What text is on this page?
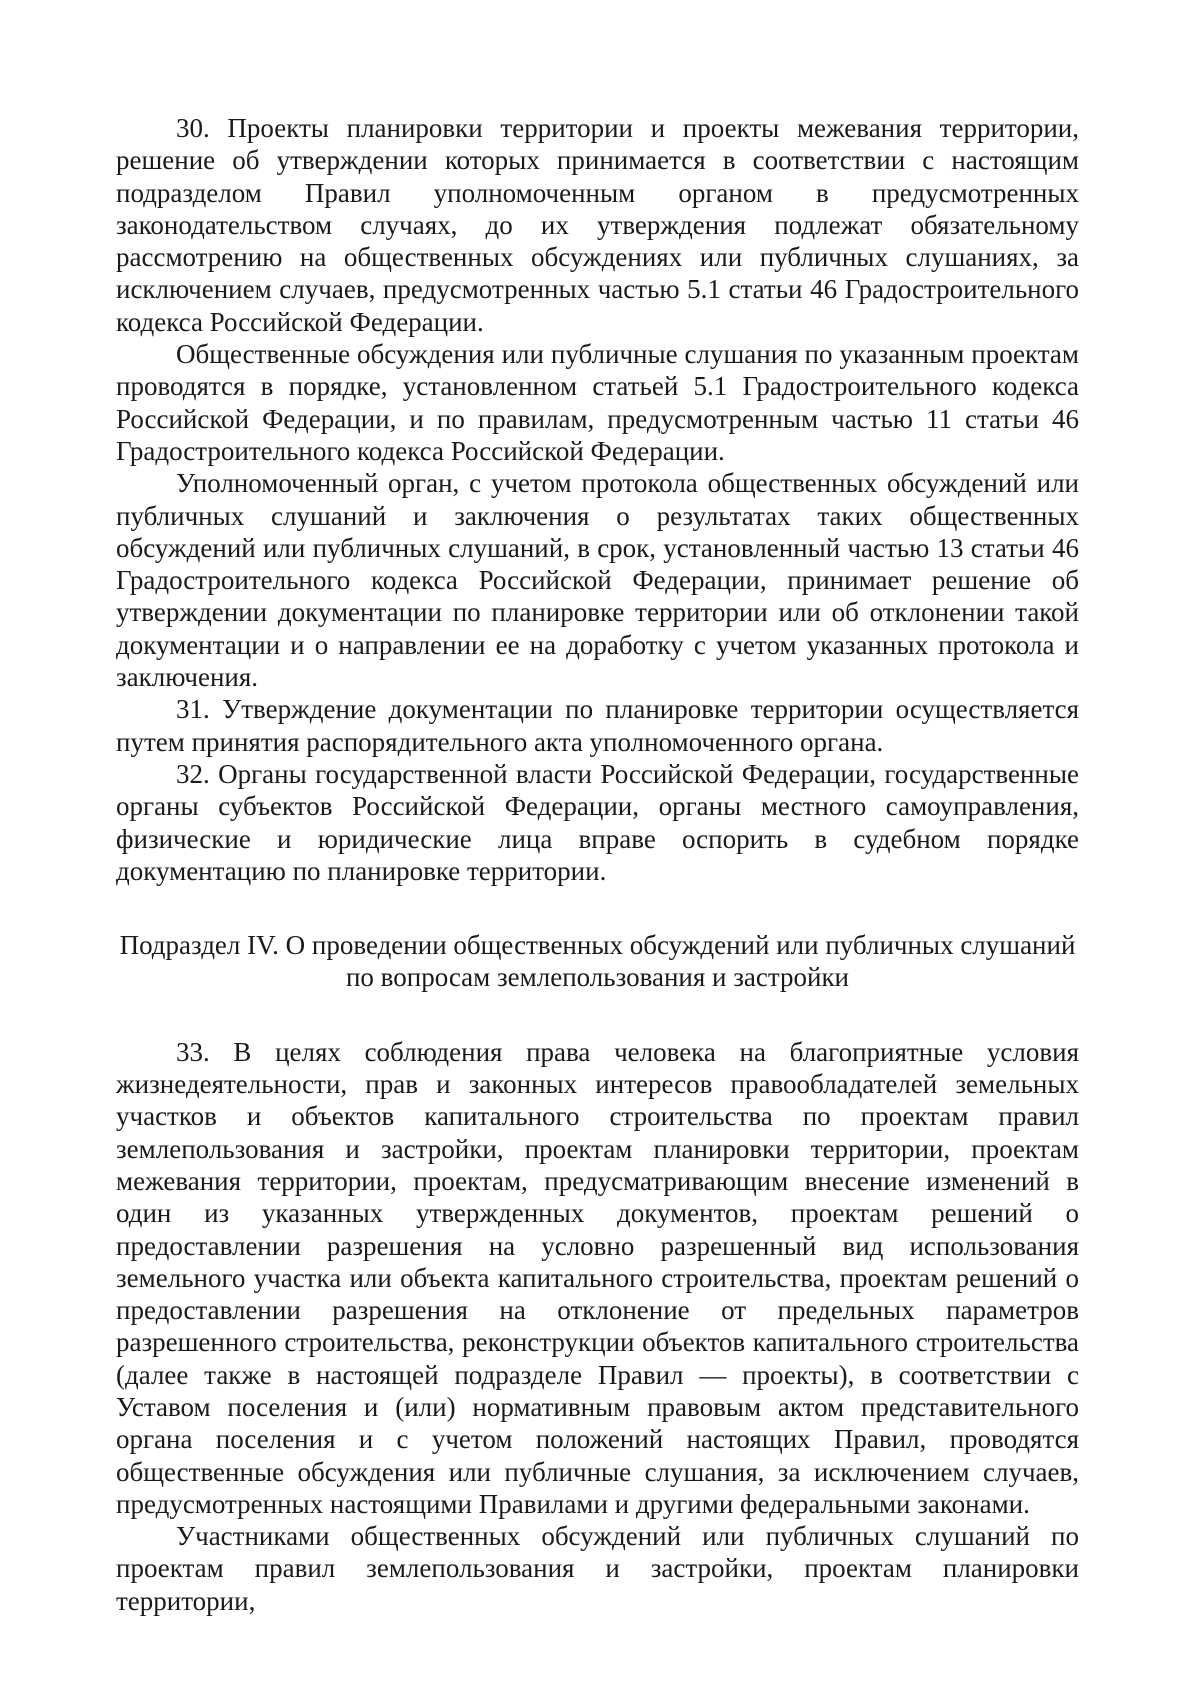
30. Проекты планировки территории и проекты межевания территории, решение об утверждении которых принимается в соответствии с настоящим подразделом Правил уполномоченным органом в предусмотренных законодательством случаях, до их утверждения подлежат обязательному рассмотрению на общественных обсуждениях или публичных слушаниях, за исключением случаев, предусмотренных частью 5.1 статьи 46 Градостроительного кодекса Российской Федерации.

Общественные обсуждения или публичные слушания по указанным проектам проводятся в порядке, установленном статьей 5.1 Градостроительного кодекса Российской Федерации, и по правилам, предусмотренным частью 11 статьи 46 Градостроительного кодекса Российской Федерации.

Уполномоченный орган, с учетом протокола общественных обсуждений или публичных слушаний и заключения о результатах таких общественных обсуждений или публичных слушаний, в срок, установленный частью 13 статьи 46 Градостроительного кодекса Российской Федерации, принимает решение об утверждении документации по планировке территории или об отклонении такой документации и о направлении ее на доработку с учетом указанных протокола и заключения.

31. Утверждение документации по планировке территории осуществляется путем принятия распорядительного акта уполномоченного органа.

32. Органы государственной власти Российской Федерации, государственные органы субъектов Российской Федерации, органы местного самоуправления, физические и юридические лица вправе оспорить в судебном порядке документацию по планировке территории.

Подраздел IV. О проведении общественных обсуждений или публичных слушаний
по вопросам землепользования и застройки

33. В целях соблюдения права человека на благоприятные условия жизнедеятельности, прав и законных интересов правообладателей земельных участков и объектов капитального строительства по проектам правил землепользования и застройки, проектам планировки территории, проектам межевания территории, проектам, предусматривающим внесение изменений в один из указанных утвержденных документов, проектам решений о предоставлении разрешения на условно разрешенный вид использования земельного участка или объекта капитального строительства, проектам решений о предоставлении разрешения на отклонение от предельных параметров разрешенного строительства, реконструкции объектов капитального строительства (далее также в настоящей подразделе Правил — проекты), в соответствии с Уставом поселения и (или) нормативным правовым актом представительного органа поселения и с учетом положений настоящих Правил, проводятся общественные обсуждения или публичные слушания, за исключением случаев, предусмотренных настоящими Правилами и другими федеральными законами.

Участниками общественных обсуждений или публичных слушаний по проектам правил землепользования и застройки, проектам планировки территории,
